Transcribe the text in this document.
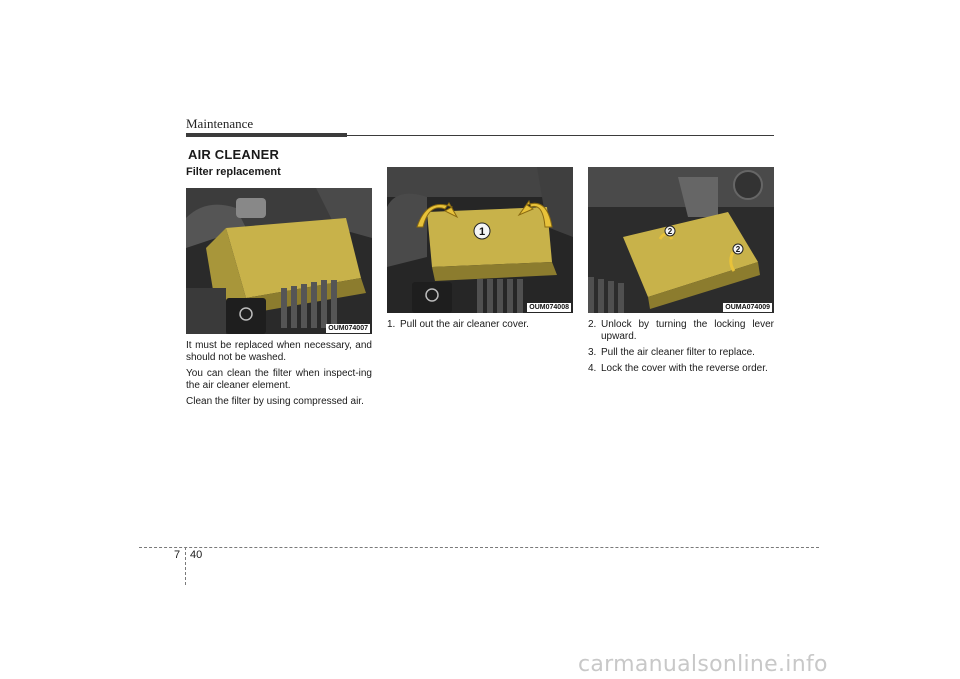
Maintenance
AIR CLEANER
Filter replacement
OUM074007
1
OUM074008
2
2
OUMA074009

It must be replaced when necessary, and should not be washed.

You can clean the filter when inspect-ing the air cleaner element.

Clean the filter by using compressed air.

1. Pull out the air cleaner cover.	2. Unlock by turning the locking lever upward.
3. Pull the air cleaner filter to replace.
4. Lock the cover with the reverse order.
7 40
carmanualsonline.info
